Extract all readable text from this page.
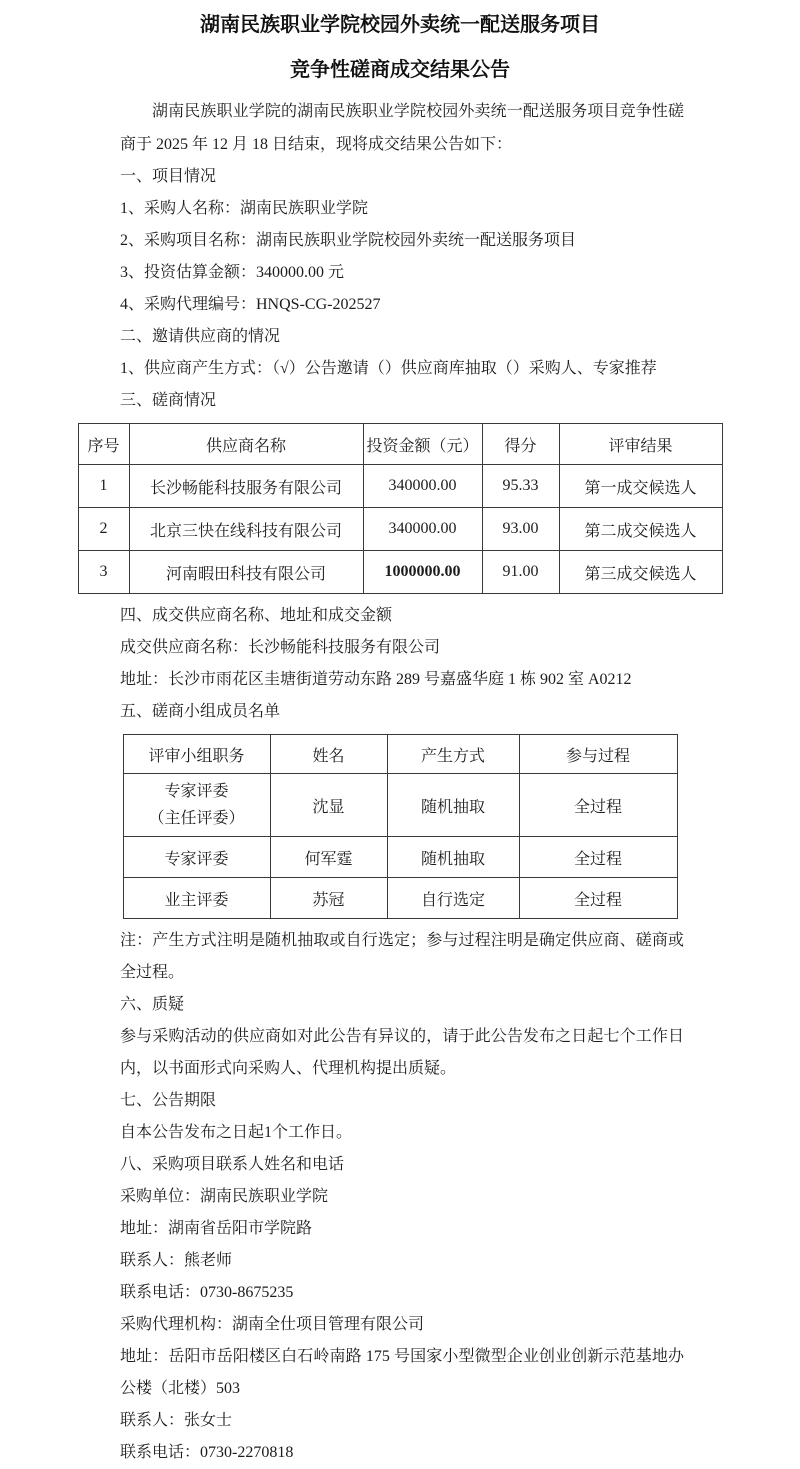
湖南民族职业学院校园外卖统一配送服务项目
竞争性磋商成交结果公告

湖南民族职业学院的湖南民族职业学院校园外卖统一配送服务项目竞争性磋商于 2025 年 12 月 18 日结束，现将成交结果公告如下：

一、项目情况

1、采购人名称：湖南民族职业学院

2、采购项目名称：湖南民族职业学院校园外卖统一配送服务项目

3、投资估算金额：340000.00 元

4、采购代理编号：HNQS-CG-202527

二、邀请供应商的情况

1、供应商产生方式：（√）公告邀请（）供应商库抽取（）采购人、专家推荐

三、磋商情况

序号	供应商名称	投资金额（元）	得分	评审结果
1	长沙畅能科技服务有限公司	340000.00	95.33	第一成交候选人
2	北京三快在线科技有限公司	340000.00	93.00	第二成交候选人
3	河南暇田科技有限公司	1000000.00	91.00	第三成交候选人

四、成交供应商名称、地址和成交金额

成交供应商名称：长沙畅能科技服务有限公司

地址：长沙市雨花区圭塘街道劳动东路 289 号嘉盛华庭 1 栋 902 室 A0212

五、磋商小组成员名单

评审小组职务	姓名	产生方式	参与过程

专家评委
（主任评委）	沈显	随机抽取	全过程
专家评委	何军霆	随机抽取	全过程
业主评委	苏冠	自行选定	全过程

注：产生方式注明是随机抽取或自行选定；参与过程注明是确定供应商、磋商或全过程。

六、质疑

参与采购活动的供应商如对此公告有异议的，请于此公告发布之日起七个工作日内，以书面形式向采购人、代理机构提出质疑。

七、公告期限

自本公告发布之日起1个工作日。

八、采购项目联系人姓名和电话

采购单位：湖南民族职业学院

地址：湖南省岳阳市学院路

联系人：熊老师

联系电话：0730-8675235

采购代理机构：湖南全仕项目管理有限公司

地址：岳阳市岳阳楼区白石岭南路 175 号国家小型微型企业创业创新示范基地办公楼（北楼）503

联系人：张女士

联系电话：0730-2270818
